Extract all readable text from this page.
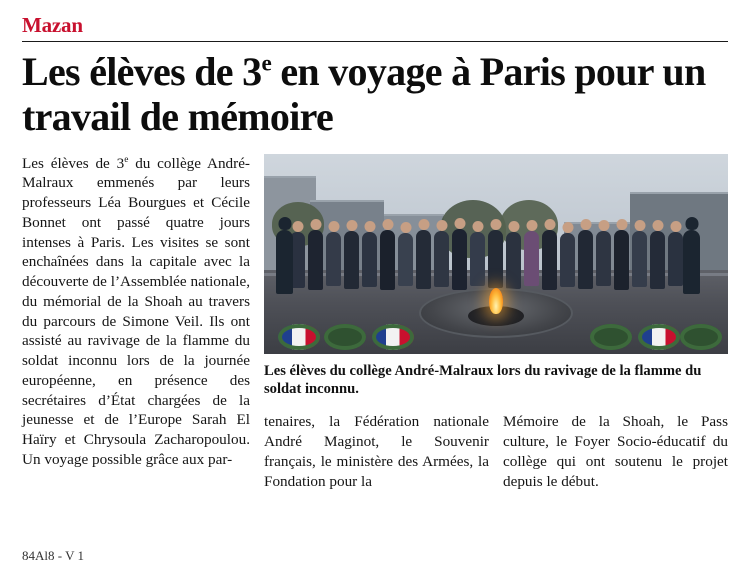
Mazan
Les élèves de 3e en voyage à Paris pour un travail de mémoire

Les élèves de 3e du collège André-Malraux emmenés par leurs professeurs Léa Bourgues et Cécile Bonnet ont passé quatre jours intenses à Paris. Les visites se sont enchaînées dans la capitale avec la découverte de l’Assemblée nationale, du mémorial de la Shoah au travers du parcours de Simone Veil. Ils ont assisté au ravivage de la flamme du soldat inconnu lors de la journée européenne, en présence des secrétaires d’État chargées de la jeunesse et de l’Europe Sarah El Haïry et Chrysoula Zacharopoulou. Un voyage possible grâce aux par-

Les élèves du collège André-Malraux lors du ravivage de la flamme du soldat inconnu.

tenaires, la Fédération nationale André Maginot, le Souvenir français, le ministère des Armées, la Fondation pour la

Mémoire de la Shoah, le Pass culture, le Foyer Socio-éducatif du collège qui ont soutenu le projet depuis le début.

84Al8 - V 1
